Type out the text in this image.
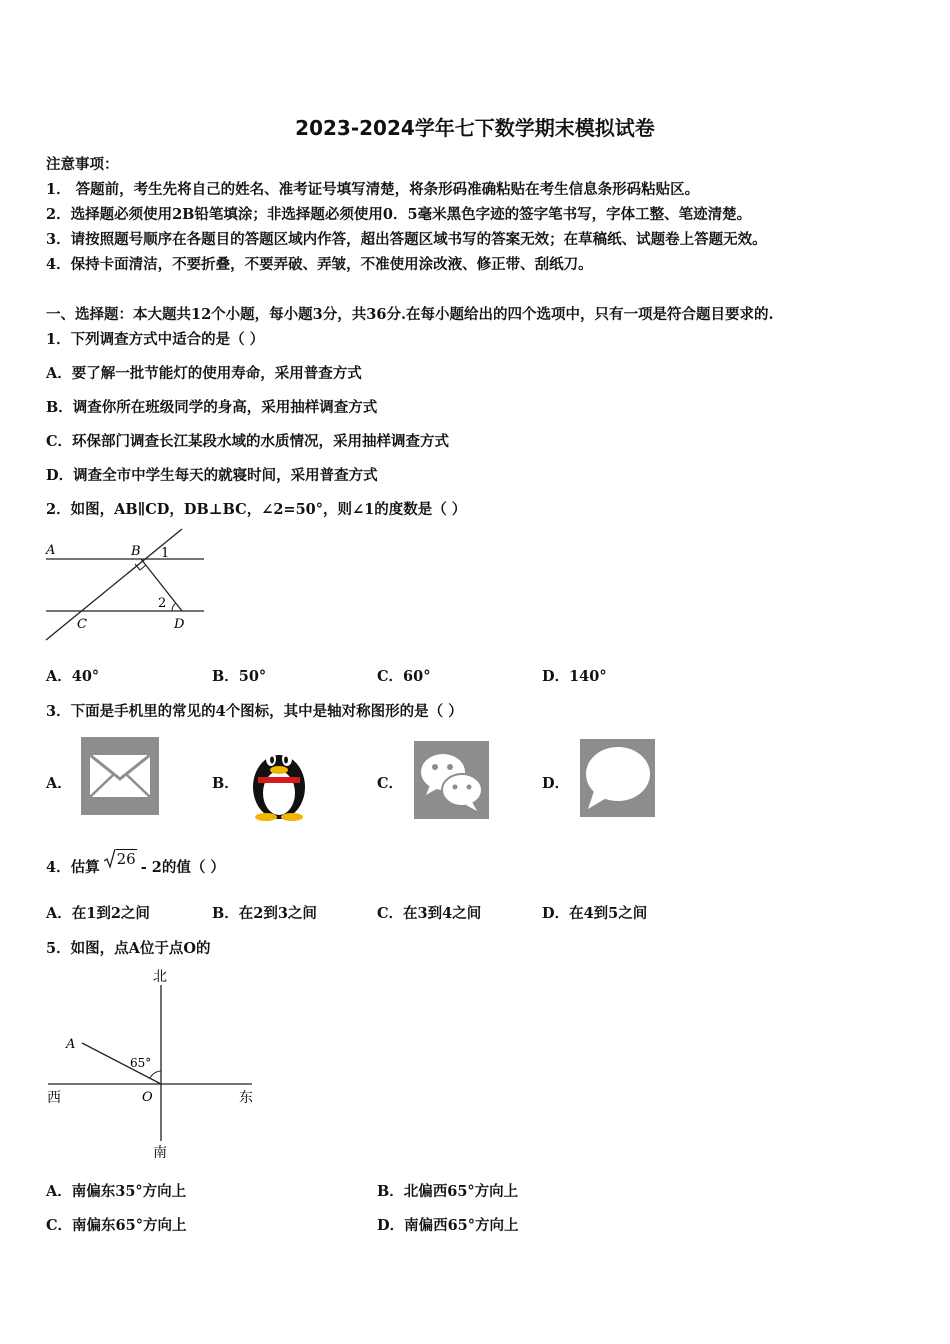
2023-2024学年七下数学期末模拟试卷
注意事项：
1． 答题前，考生先将自己的姓名、准考证号填写清楚，将条形码准确粘贴在考生信息条形码粘贴区。
2．选择题必须使用2B铅笔填涂；非选择题必须使用0．5毫米黑色字迹的签字笔书写，字体工整、笔迹清楚。
3．请按照题号顺序在各题目的答题区域内作答，超出答题区域书写的答案无效；在草稿纸、试题卷上答题无效。
4．保持卡面清洁，不要折叠，不要弄破、弄皱，不准使用涂改液、修正带、刮纸刀。
一、选择题：本大题共12个小题，每小题3分，共36分.在每小题给出的四个选项中，只有一项是符合题目要求的.
1．下列调查方式中适合的是（ ）
A．要了解一批节能灯的使用寿命，采用普查方式
B．调查你所在班级同学的身高，采用抽样调查方式
C．环保部门调查长江某段水域的水质情况，采用抽样调查方式
D．调查全市中学生每天的就寝时间，采用普查方式
2．如图，AB∥CD，DB⊥BC，∠2=50°，则∠1的度数是（ ）
A	B 1
2
C	D
A．40°	B．50°	C．60°	D．140°
3．下面是手机里的常见的4个图标，其中是轴对称图形的是（ ）
A．	B．	C．	D．
4．估算 26 - 2的值（ ）
A．在1到2之间	B．在2到3之间	C．在3到4之间	D．在4到5之间
5．如图，点A位于点O的
北
南
西	东
A
O
65°
A．南偏东35°方向上	B．北偏西65°方向上
C．南偏东65°方向上	D．南偏西65°方向上
